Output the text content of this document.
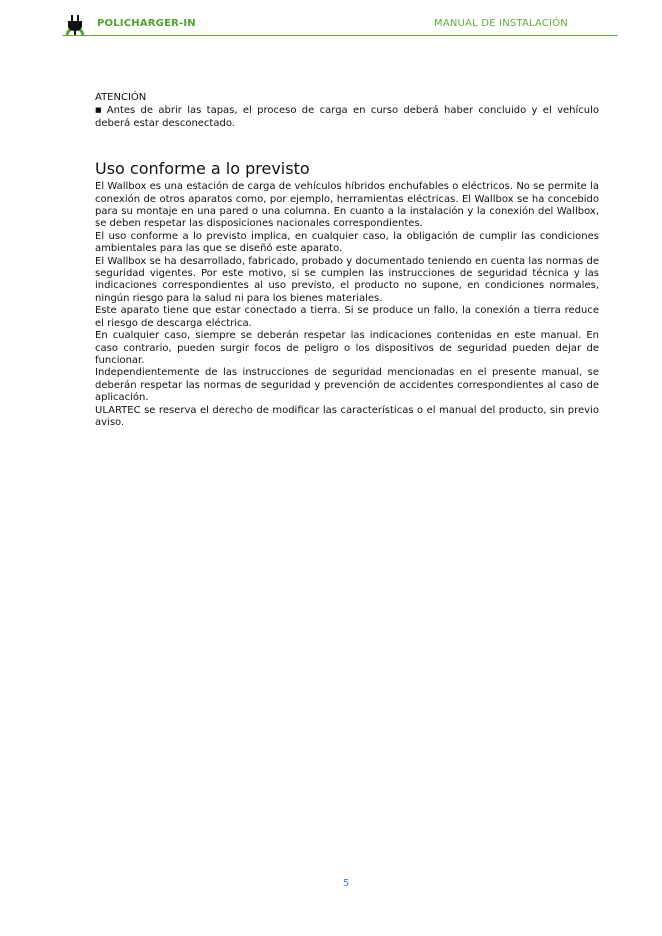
POLICHARGER-IN	MANUAL DE INSTALACIÓN

ATENCIÓN

■ Antes de abrir las tapas, el proceso de carga en curso deberá haber concluido y el vehículo deberá estar desconectado.

Uso conforme a lo previsto

El Wallbox es una estación de carga de vehículos híbridos enchufables o eléctricos. No se permite la conexión de otros aparatos como, por ejemplo, herramientas eléctricas. El Wallbox se ha concebido para su montaje en una pared o una columna. En cuanto a la instalación y la conexión del Wallbox, se deben respetar las disposiciones nacionales correspondientes.

El uso conforme a lo previsto implica, en cualquier caso, la obligación de cumplir las condiciones ambientales para las que se diseñó este aparato.

El Wallbox se ha desarrollado, fabricado, probado y documentado teniendo en cuenta las normas de seguridad vigentes. Por este motivo, si se cumplen las instrucciones de seguridad técnica y las indicaciones correspondientes al uso previsto, el producto no supone, en condiciones normales, ningún riesgo para la salud ni para los bienes materiales.

Este aparato tiene que estar conectado a tierra. Si se produce un fallo, la conexión a tierra reduce el riesgo de descarga eléctrica.

En cualquier caso, siempre se deberán respetar las indicaciones contenidas en este manual. En caso contrario, pueden surgir focos de peligro o los dispositivos de seguridad pueden dejar de funcionar.

Independientemente de las instrucciones de seguridad mencionadas en el presente manual, se deberán respetar las normas de seguridad y prevención de accidentes correspondientes al caso de aplicación.

ULARTEC se reserva el derecho de modificar las características o el manual del producto, sin previo aviso.

5
